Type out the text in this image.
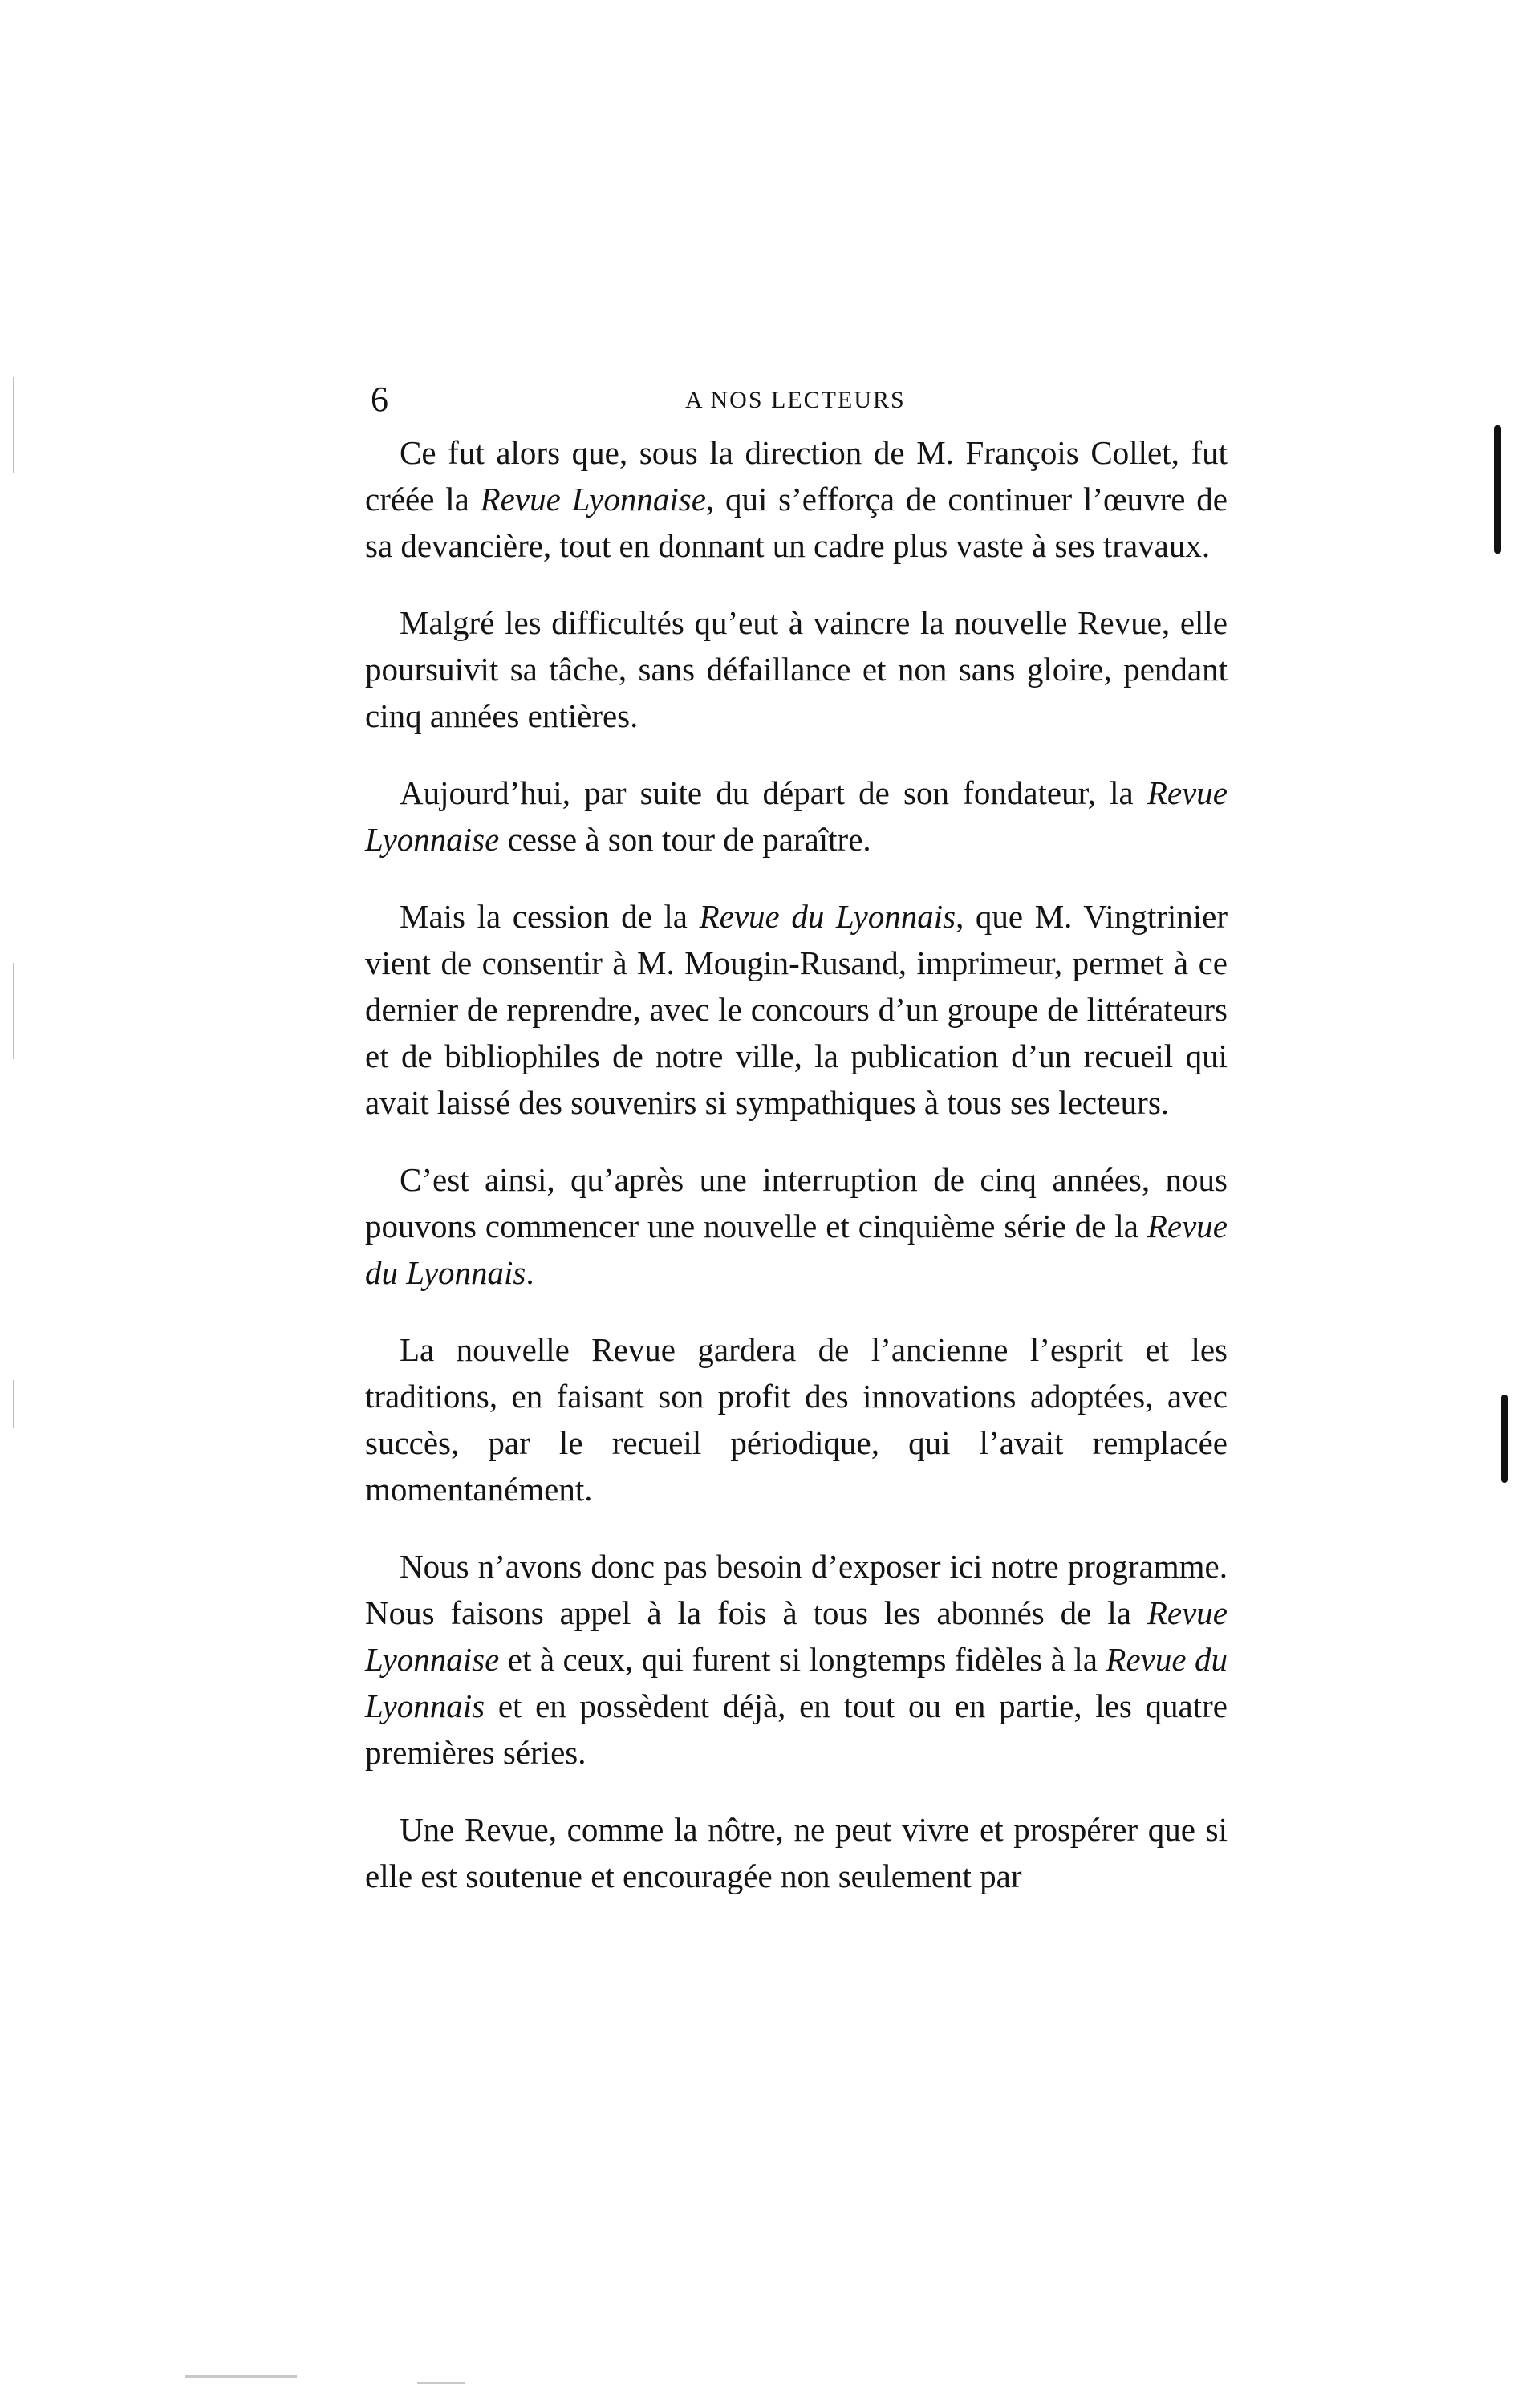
6	A NOS LECTEURS

Ce fut alors que, sous la direction de M. François Collet, fut créée la Revue Lyonnaise, qui s’efforça de continuer l’œuvre de sa devancière, tout en donnant un cadre plus vaste à ses travaux.

Malgré les difficultés qu’eut à vaincre la nouvelle Revue, elle poursuivit sa tâche, sans défaillance et non sans gloire, pendant cinq années entières.

Aujourd’hui, par suite du départ de son fondateur, la Revue Lyonnaise cesse à son tour de paraître.

Mais la cession de la Revue du Lyonnais, que M. Vingtrinier vient de consentir à M. Mougin-Rusand, imprimeur, permet à ce dernier de reprendre, avec le concours d’un groupe de littérateurs et de bibliophiles de notre ville, la publication d’un recueil qui avait laissé des souvenirs si sympathiques à tous ses lecteurs.

C’est ainsi, qu’après une interruption de cinq années, nous pouvons commencer une nouvelle et cinquième série de la Revue du Lyonnais.

La nouvelle Revue gardera de l’ancienne l’esprit et les traditions, en faisant son profit des innovations adoptées, avec succès, par le recueil périodique, qui l’avait remplacée momentanément.

Nous n’avons donc pas besoin d’exposer ici notre programme. Nous faisons appel à la fois à tous les abonnés de la Revue Lyonnaise et à ceux, qui furent si longtemps fidèles à la Revue du Lyonnais et en possèdent déjà, en tout ou en partie, les quatre premières séries.

Une Revue, comme la nôtre, ne peut vivre et prospérer que si elle est soutenue et encouragée non seulement par
